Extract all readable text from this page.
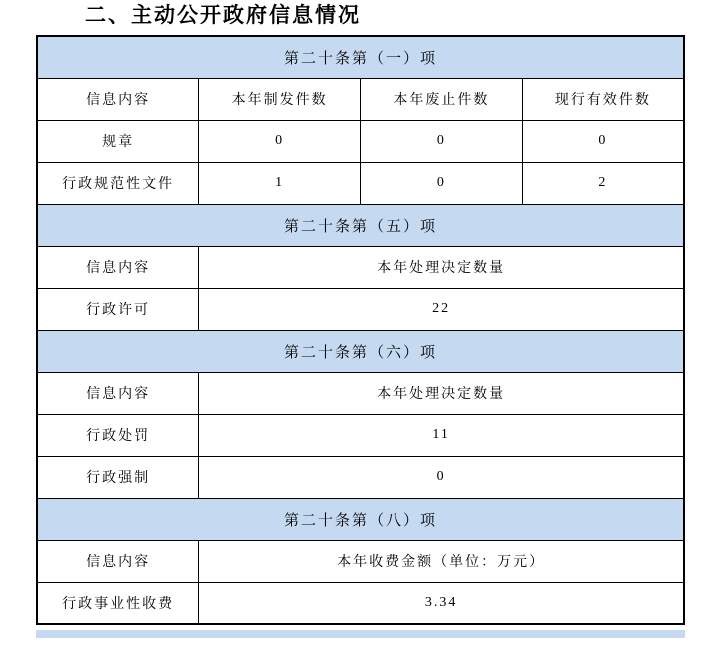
二、主动公开政府信息情况
第二十条第（一）项			
信息内容	本年制发件数	本年废止件数	现行有效件数
规章	0	0	0
行政规范性文件	1	0	2
第二十条第（五）项			
信息内容	本年处理决定数量		
行政许可	22		
第二十条第（六）项			
信息内容	本年处理决定数量		
行政处罚	11		
行政强制	0		
第二十条第（八）项			
信息内容	本年收费金额（单位：万元）		
行政事业性收费	3.34		
